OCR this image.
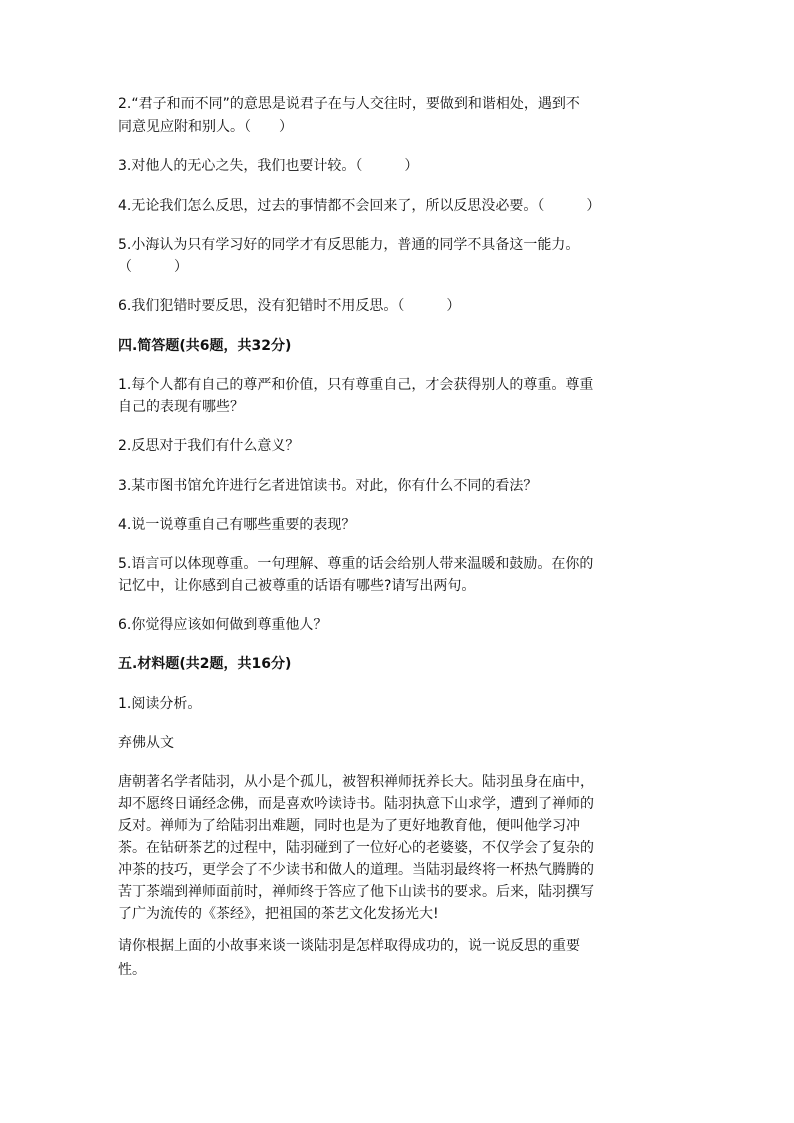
2.“君子和而不同”的意思是说君子在与人交往时，要做到和谐相处，遇到不
同意见应附和别人。（　　）
3.对他人的无心之失，我们也要计较。（　　　）
4.无论我们怎么反思，过去的事情都不会回来了，所以反思没必要。（　　　）
5.小海认为只有学习好的同学才有反思能力，普通的同学不具备这一能力。
（　　　）
6.我们犯错时要反思，没有犯错时不用反思。（　　　）
四.简答题(共6题，共32分)
1.每个人都有自己的尊严和价值，只有尊重自己，才会获得别人的尊重。尊重
自己的表现有哪些？
2.反思对于我们有什么意义？
3.某市图书馆允许进行乞者进馆读书。对此，你有什么不同的看法？
4.说一说尊重自己有哪些重要的表现？
5.语言可以体现尊重。一句理解、尊重的话会给别人带来温暖和鼓励。在你的
记忆中，让你感到自己被尊重的话语有哪些?请写出两句。
6.你觉得应该如何做到尊重他人？
五.材料题(共2题，共16分)
1.阅读分析。
弃佛从文
唐朝著名学者陆羽，从小是个孤儿，被智积禅师抚养长大。陆羽虽身在庙中，
却不愿终日诵经念佛，而是喜欢吟读诗书。陆羽执意下山求学，遭到了禅师的
反对。禅师为了给陆羽出难题，同时也是为了更好地教育他，便叫他学习冲
茶。在钻研茶艺的过程中，陆羽碰到了一位好心的老婆婆，不仅学会了复杂的
冲茶的技巧，更学会了不少读书和做人的道理。当陆羽最终将一杯热气腾腾的
苦丁茶端到禅师面前时，禅师终于答应了他下山读书的要求。后来，陆羽撰写
了广为流传的《茶经》，把祖国的茶艺文化发扬光大!
请你根据上面的小故事来谈一谈陆羽是怎样取得成功的，说一说反思的重要
性。
